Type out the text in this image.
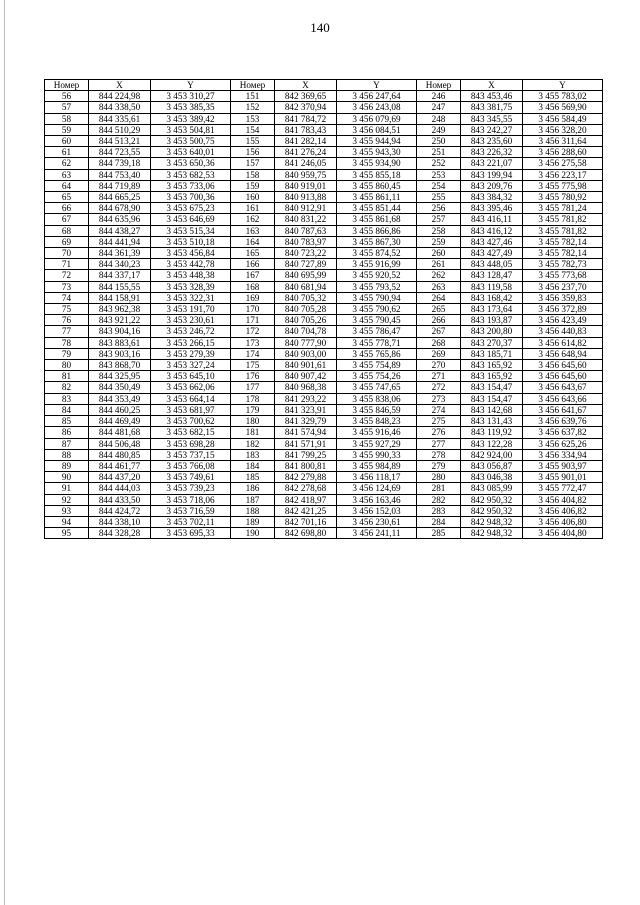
140
Номер	X	Y	Номер	X	Y	Номер	X	Y
56	844 224,98	3 453 310,27	151	842 369,65	3 456 247,64	246	843 453,46	3 455 783,02
57	844 338,50	3 453 385,35	152	842 370,94	3 456 243,08	247	843 381,75	3 456 569,90
58	844 335,61	3 453 389,42	153	841 784,72	3 456 079,69	248	843 345,55	3 456 584,49
59	844 510,29	3 453 504,81	154	841 783,43	3 456 084,51	249	843 242,27	3 456 328,20
60	844 513,21	3 453 500,75	155	841 282,14	3 455 944,94	250	843 235,60	3 456 311,64
61	844 723,55	3 453 640,01	156	841 276,24	3 455 943,30	251	843 226,32	3 456 288,60
62	844 739,18	3 453 650,36	157	841 246,05	3 455 934,90	252	843 221,07	3 456 275,58
63	844 753,40	3 453 682,53	158	840 959,75	3 455 855,18	253	843 199,94	3 456 223,17
64	844 719,89	3 453 733,06	159	840 919,01	3 455 860,45	254	843 209,76	3 455 775,98
65	844 665,25	3 453 700,36	160	840 913,88	3 455 861,11	255	843 384,32	3 455 780,92
66	844 678,90	3 453 675,23	161	840 912,91	3 455 851,44	256	843 395,46	3 455 781,24
67	844 635,96	3 453 646,69	162	840 831,22	3 455 861,68	257	843 416,11	3 455 781,82
68	844 438,27	3 453 515,34	163	840 787,63	3 455 866,86	258	843 416,12	3 455 781,82
69	844 441,94	3 453 510,18	164	840 783,97	3 455 867,30	259	843 427,46	3 455 782,14
70	844 361,39	3 453 456,84	165	840 723,22	3 455 874,52	260	843 427,49	3 455 782,14
71	844 340,23	3 453 442,78	166	840 727,89	3 455 916,99	261	843 448,05	3 455 782,73
72	844 337,17	3 453 448,38	167	840 695,99	3 455 920,52	262	843 128,47	3 455 773,68
73	844 155,55	3 453 328,39	168	840 681,94	3 455 793,52	263	843 119,58	3 456 237,70
74	844 158,91	3 453 322,31	169	840 705,32	3 455 790,94	264	843 168,42	3 456 359,83
75	843 962,38	3 453 191,70	170	840 705,28	3 455 790,62	265	843 173,64	3 456 372,89
76	843 921,22	3 453 230,61	171	840 705,26	3 455 790,45	266	843 193,87	3 456 423,49
77	843 904,16	3 453 246,72	172	840 704,78	3 455 786,47	267	843 200,80	3 456 440,83
78	843 883,61	3 453 266,15	173	840 777,90	3 455 778,71	268	843 270,37	3 456 614,82
79	843 903,16	3 453 279,39	174	840 903,00	3 455 765,86	269	843 185,71	3 456 648,94
80	843 868,70	3 453 327,24	175	840 901,61	3 455 754,89	270	843 165,92	3 456 645,60
81	844 325,95	3 453 645,10	176	840 907,42	3 455 754,26	271	843 165,92	3 456 645,60
82	844 350,49	3 453 662,06	177	840 968,38	3 455 747,65	272	843 154,47	3 456 643,67
83	844 353,49	3 453 664,14	178	841 293,22	3 455 838,06	273	843 154,47	3 456 643,66
84	844 460,25	3 453 681,97	179	841 323,91	3 455 846,59	274	843 142,68	3 456 641,67
85	844 469,49	3 453 700,62	180	841 329,79	3 455 848,23	275	843 131,43	3 456 639,76
86	844 481,68	3 453 682,15	181	841 574,94	3 455 916,46	276	843 119,92	3 456 637,82
87	844 506,48	3 453 698,28	182	841 571,91	3 455 927,29	277	843 122,28	3 456 625,26
88	844 480,85	3 453 737,15	183	841 799,25	3 455 990,33	278	842 924,00	3 456 334,94
89	844 461,77	3 453 766,08	184	841 800,81	3 455 984,89	279	843 056,87	3 455 903,97
90	844 437,20	3 453 749,61	185	842 279,88	3 456 118,17	280	843 046,38	3 455 901,01
91	844 444,03	3 453 739,23	186	842 278,68	3 456 124,69	281	843 085,99	3 455 772,47
92	844 433,50	3 453 718,06	187	842 418,97	3 456 163,46	282	842 950,32	3 456 404,82
93	844 424,72	3 453 716,59	188	842 421,25	3 456 152,03	283	842 950,32	3 456 406,82
94	844 338,10	3 453 702,11	189	842 701,16	3 456 230,61	284	842 948,32	3 456 406,80
95	844 328,28	3 453 695,33	190	842 698,80	3 456 241,11	285	842 948,32	3 456 404,80
